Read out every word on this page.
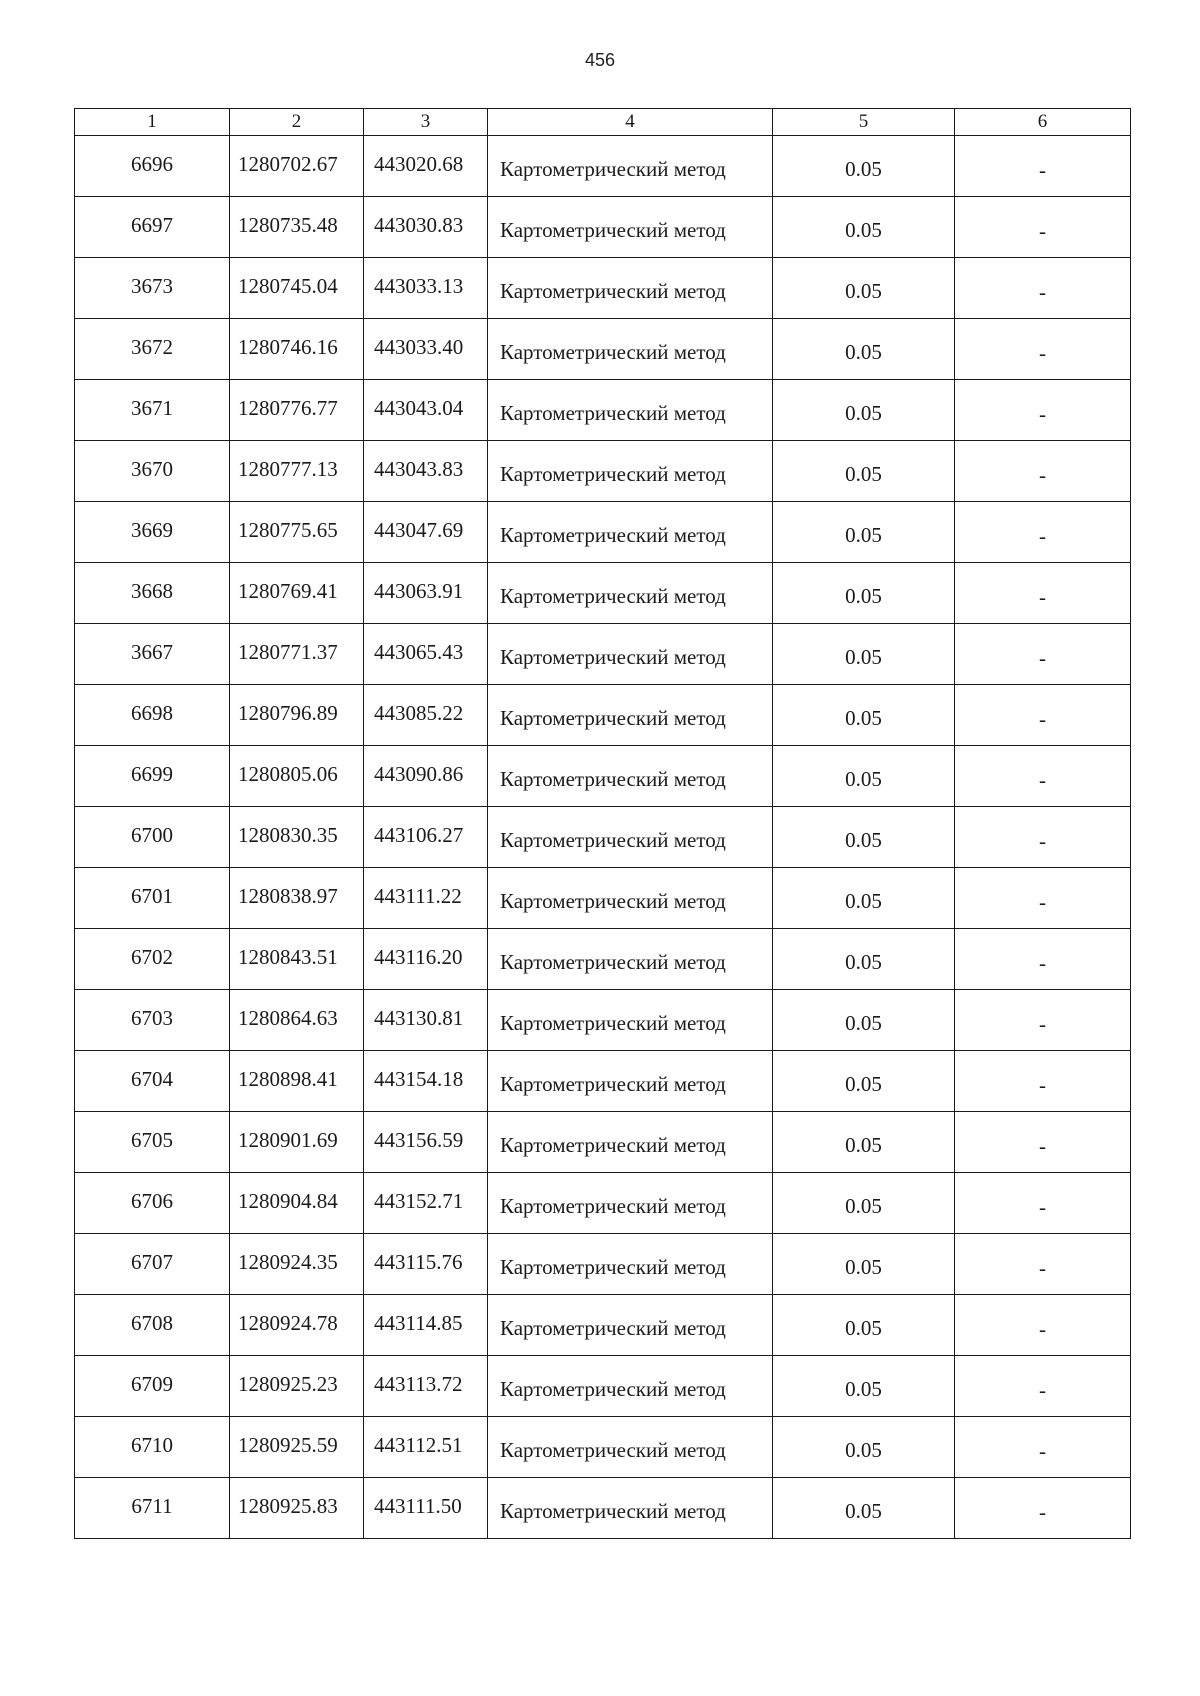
456
1	2	3	4	5	6
6696	1280702.67	443020.68	Картометрический метод	0.05	-
6697	1280735.48	443030.83	Картометрический метод	0.05	-
3673	1280745.04	443033.13	Картометрический метод	0.05	-
3672	1280746.16	443033.40	Картометрический метод	0.05	-
3671	1280776.77	443043.04	Картометрический метод	0.05	-
3670	1280777.13	443043.83	Картометрический метод	0.05	-
3669	1280775.65	443047.69	Картометрический метод	0.05	-
3668	1280769.41	443063.91	Картометрический метод	0.05	-
3667	1280771.37	443065.43	Картометрический метод	0.05	-
6698	1280796.89	443085.22	Картометрический метод	0.05	-
6699	1280805.06	443090.86	Картометрический метод	0.05	-
6700	1280830.35	443106.27	Картометрический метод	0.05	-
6701	1280838.97	443111.22	Картометрический метод	0.05	-
6702	1280843.51	443116.20	Картометрический метод	0.05	-
6703	1280864.63	443130.81	Картометрический метод	0.05	-
6704	1280898.41	443154.18	Картометрический метод	0.05	-
6705	1280901.69	443156.59	Картометрический метод	0.05	-
6706	1280904.84	443152.71	Картометрический метод	0.05	-
6707	1280924.35	443115.76	Картометрический метод	0.05	-
6708	1280924.78	443114.85	Картометрический метод	0.05	-
6709	1280925.23	443113.72	Картометрический метод	0.05	-
6710	1280925.59	443112.51	Картометрический метод	0.05	-
6711	1280925.83	443111.50	Картометрический метод	0.05	-
